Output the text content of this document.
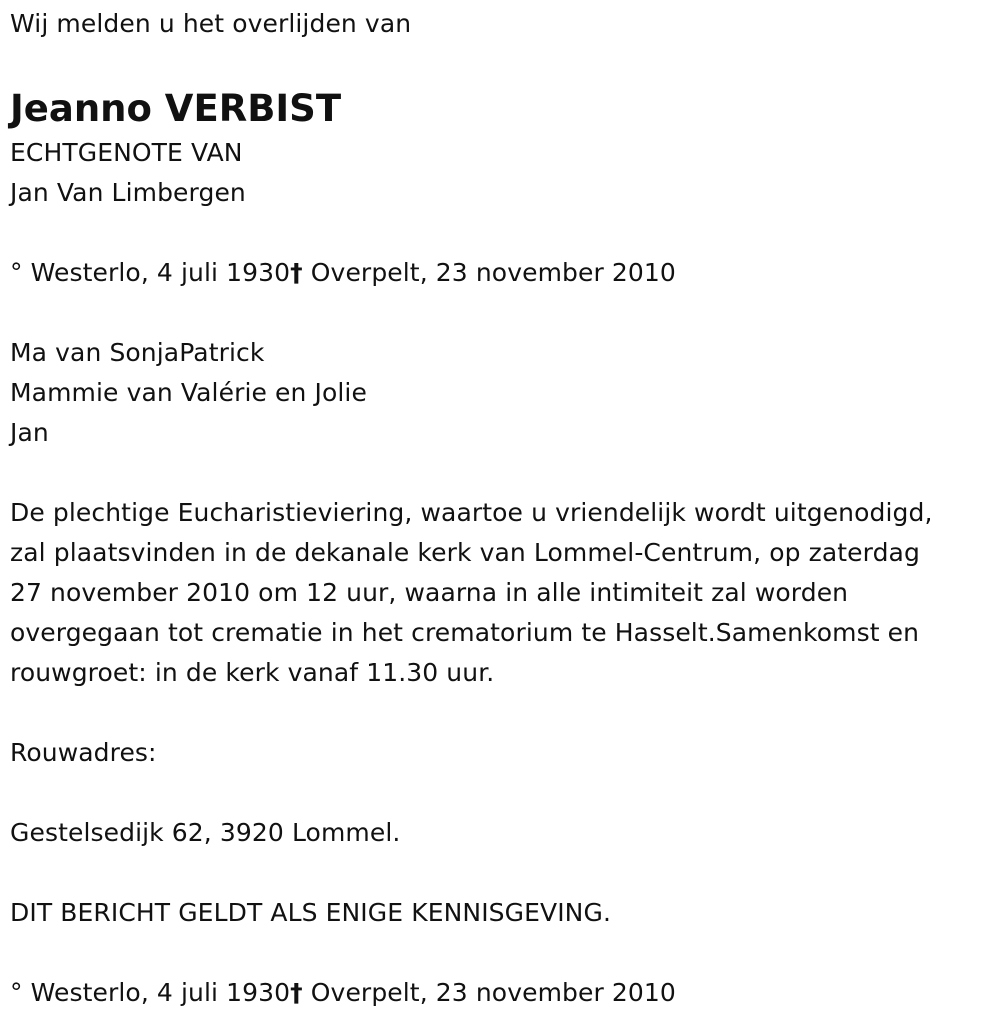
Wij melden u het overlijden van
Jeanno VERBIST
ECHTGENOTE VAN
Jan Van Limbergen
° Westerlo, 4 juli 1930† Overpelt, 23 november 2010
Ma van SonjaPatrick
Mammie van Valérie en Jolie
Jan
De plechtige Eucharistieviering, waartoe u vriendelijk wordt uitgenodigd,
zal plaatsvinden in de dekanale kerk van Lommel-Centrum, op zaterdag
27 november 2010 om 12 uur, waarna in alle intimiteit zal worden
overgegaan tot crematie in het crematorium te Hasselt.Samenkomst en
rouwgroet: in de kerk vanaf 11.30 uur.
Rouwadres:
Gestelsedijk 62, 3920 Lommel.
DIT BERICHT GELDT ALS ENIGE KENNISGEVING.
° Westerlo, 4 juli 1930† Overpelt, 23 november 2010
